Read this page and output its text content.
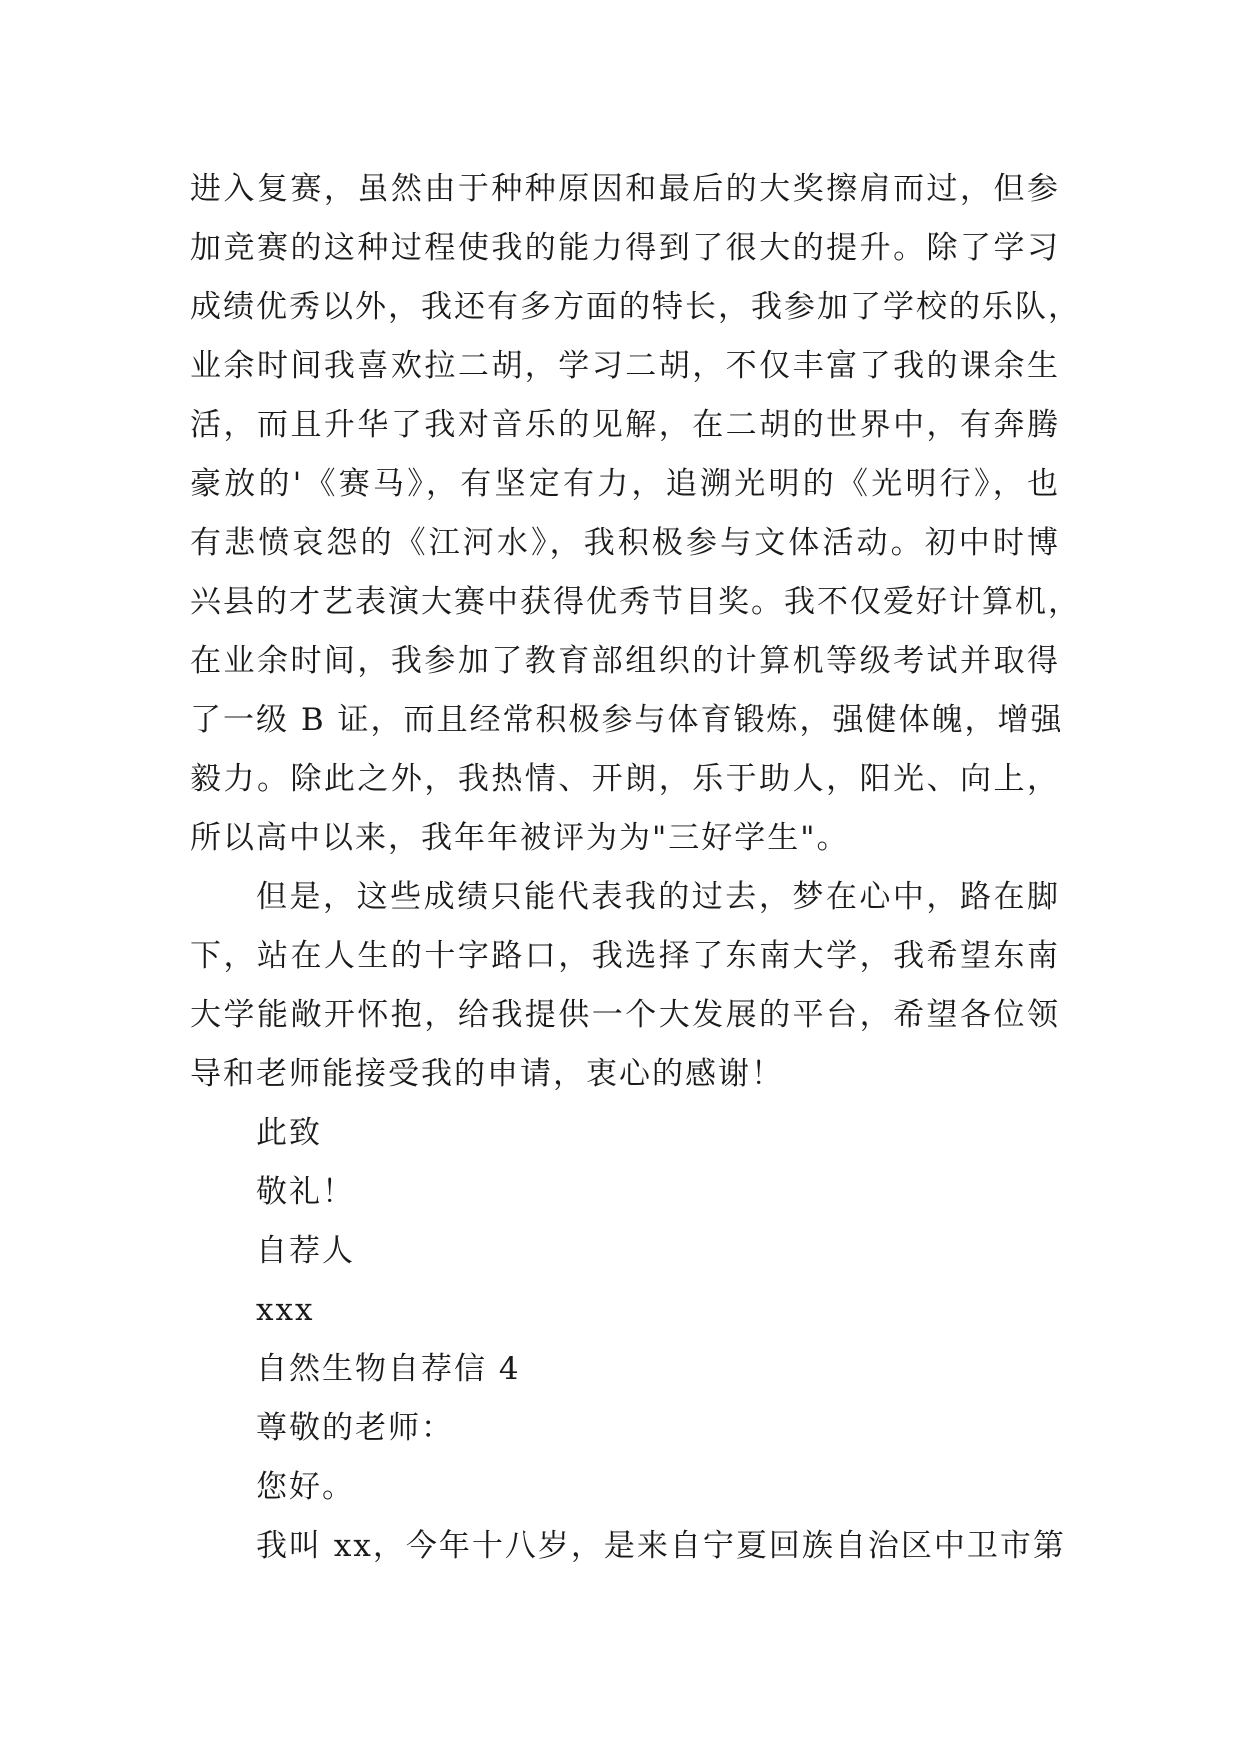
进入复赛，虽然由于种种原因和最后的大奖擦肩而过，但参
加竞赛的这种过程使我的能力得到了很大的提升。除了学习
成绩优秀以外，我还有多方面的特长，我参加了学校的乐队，
业余时间我喜欢拉二胡，学习二胡，不仅丰富了我的课余生
活，而且升华了我对音乐的见解，在二胡的世界中，有奔腾
豪放的'《赛马》，有坚定有力，追溯光明的《光明行》，也
有悲愤哀怨的《江河水》，我积极参与文体活动。初中时博
兴县的才艺表演大赛中获得优秀节目奖。我不仅爱好计算机，
在业余时间，我参加了教育部组织的计算机等级考试并取得
了一级 B 证，而且经常积极参与体育锻炼，强健体魄，增强
毅力。除此之外，我热情、开朗，乐于助人，阳光、向上，
所以高中以来，我年年被评为为"三好学生"。
但是，这些成绩只能代表我的过去，梦在心中，路在脚
下，站在人生的十字路口，我选择了东南大学，我希望东南
大学能敞开怀抱，给我提供一个大发展的平台，希望各位领
导和老师能接受我的申请，衷心的感谢！
此致
敬礼！
自荐人
xxx
自然生物自荐信 4
尊敬的老师：
您好。
我叫 xx，今年十八岁，是来自宁夏回族自治区中卫市第
